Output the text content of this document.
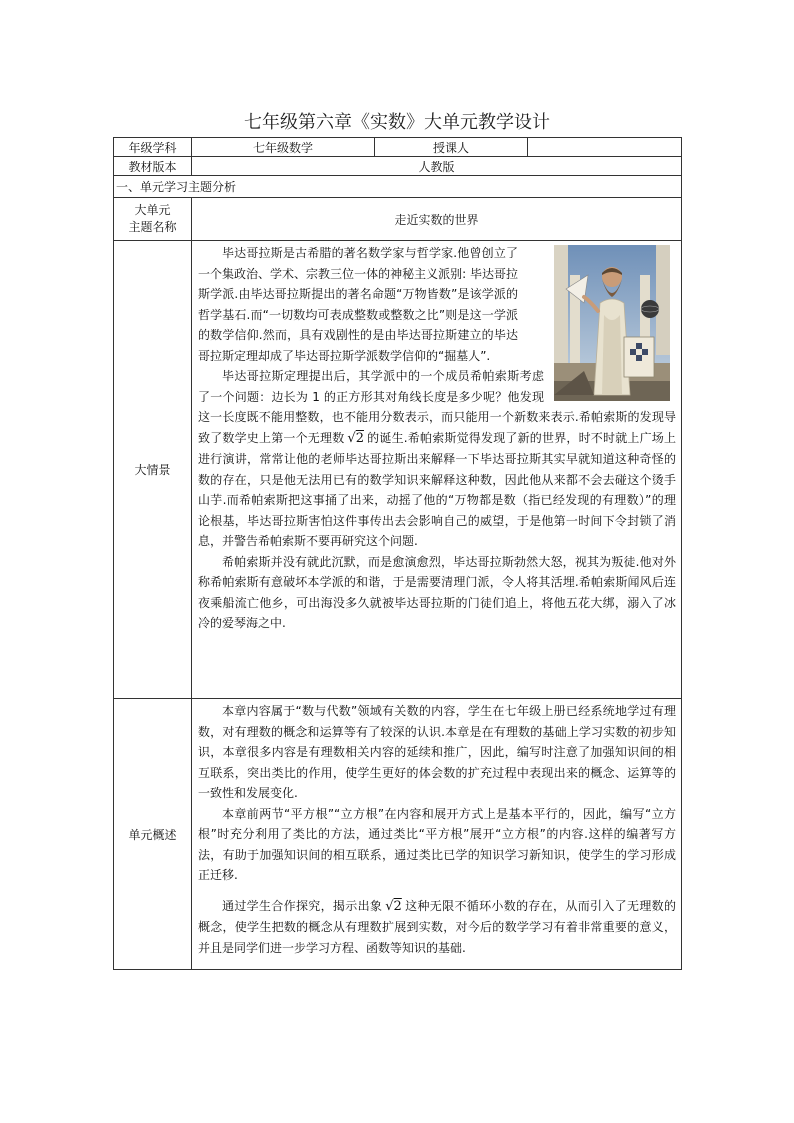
七年级第六章《实数》大单元教学设计
年级学科	七年级数学	授课人	
教材版本	人教版		
一、单元学习主题分析			
大单元
主题名称	走近实数的世界		
大情景	毕达哥拉斯是古希腊的著名数学家与哲学家.他曾创立了一个集政治、学术、宗教三位一体的神秘主义派别: 毕达哥拉斯学派.由毕达哥拉斯提出的著名命题“万物皆数”是该学派的哲学基石.而“一切数均可表成整数或整数之比”则是这一学派的数学信仰.然而，具有戏剧性的是由毕达哥拉斯建立的毕达哥拉斯定理却成了毕达哥拉斯学派数学信仰的“掘墓人”.

毕达哥拉斯定理提出后，其学派中的一个成员希帕索斯考虑了一个问题：边长为 1 的正方形其对角线长度是多少呢？他发现这一长度既不能用整数，也不能用分数表示，而只能用一个新数来表示.希帕索斯的发现导致了数学史上第一个无理数 √2 的诞生.希帕索斯觉得发现了新的世界，时不时就上广场上进行演讲，常常让他的老师毕达哥拉斯出来解释一下毕达哥拉斯其实早就知道这种奇怪的数的存在，只是他无法用已有的数学知识来解释这种数，因此他从来都不会去碰这个烫手山芋.而希帕索斯把这事捅了出来，动摇了他的“万物都是数（指已经发现的有理数）”的理论根基，毕达哥拉斯害怕这件事传出去会影响自己的威望，于是他第一时间下令封锁了消息，并警告希帕索斯不要再研究这个问题.

希帕索斯并没有就此沉默，而是愈演愈烈，毕达哥拉斯勃然大怒，视其为叛徒.他对外称希帕索斯有意破坏本学派的和谐，于是需要清理门派，令人将其活埋.希帕索斯闻风后连夜乘船流亡他乡，可出海没多久就被毕达哥拉斯的门徒们追上，将他五花大绑，溺入了冰冷的爱琴海之中.		

单元概述	本章内容属于“数与代数”领域有关数的内容，学生在七年级上册已经系统地学过有理数，对有理数的概念和运算等有了较深的认识.本章是在有理数的基础上学习实数的初步知识，本章很多内容是有理数相关内容的延续和推广，因此，编写时注意了加强知识间的相互联系，突出类比的作用，使学生更好的体会数的扩充过程中表现出来的概念、运算等的一致性和发展变化.

本章前两节“平方根”“立方根”在内容和展开方式上是基本平行的，因此，编写“立方根”时充分利用了类比的方法，通过类比“平方根”展开“立方根”的内容.这样的编著写方法，有助于加强知识间的相互联系，通过类比已学的知识学习新知识，使学生的学习形成正迁移.

通过学生合作探究，揭示出象 √2 这种无限不循环小数的存在，从而引入了无理数的概念，使学生把数的概念从有理数扩展到实数，对今后的数学学习有着非常重要的意义，并且是同学们进一步学习方程、函数等知识的基础.		
